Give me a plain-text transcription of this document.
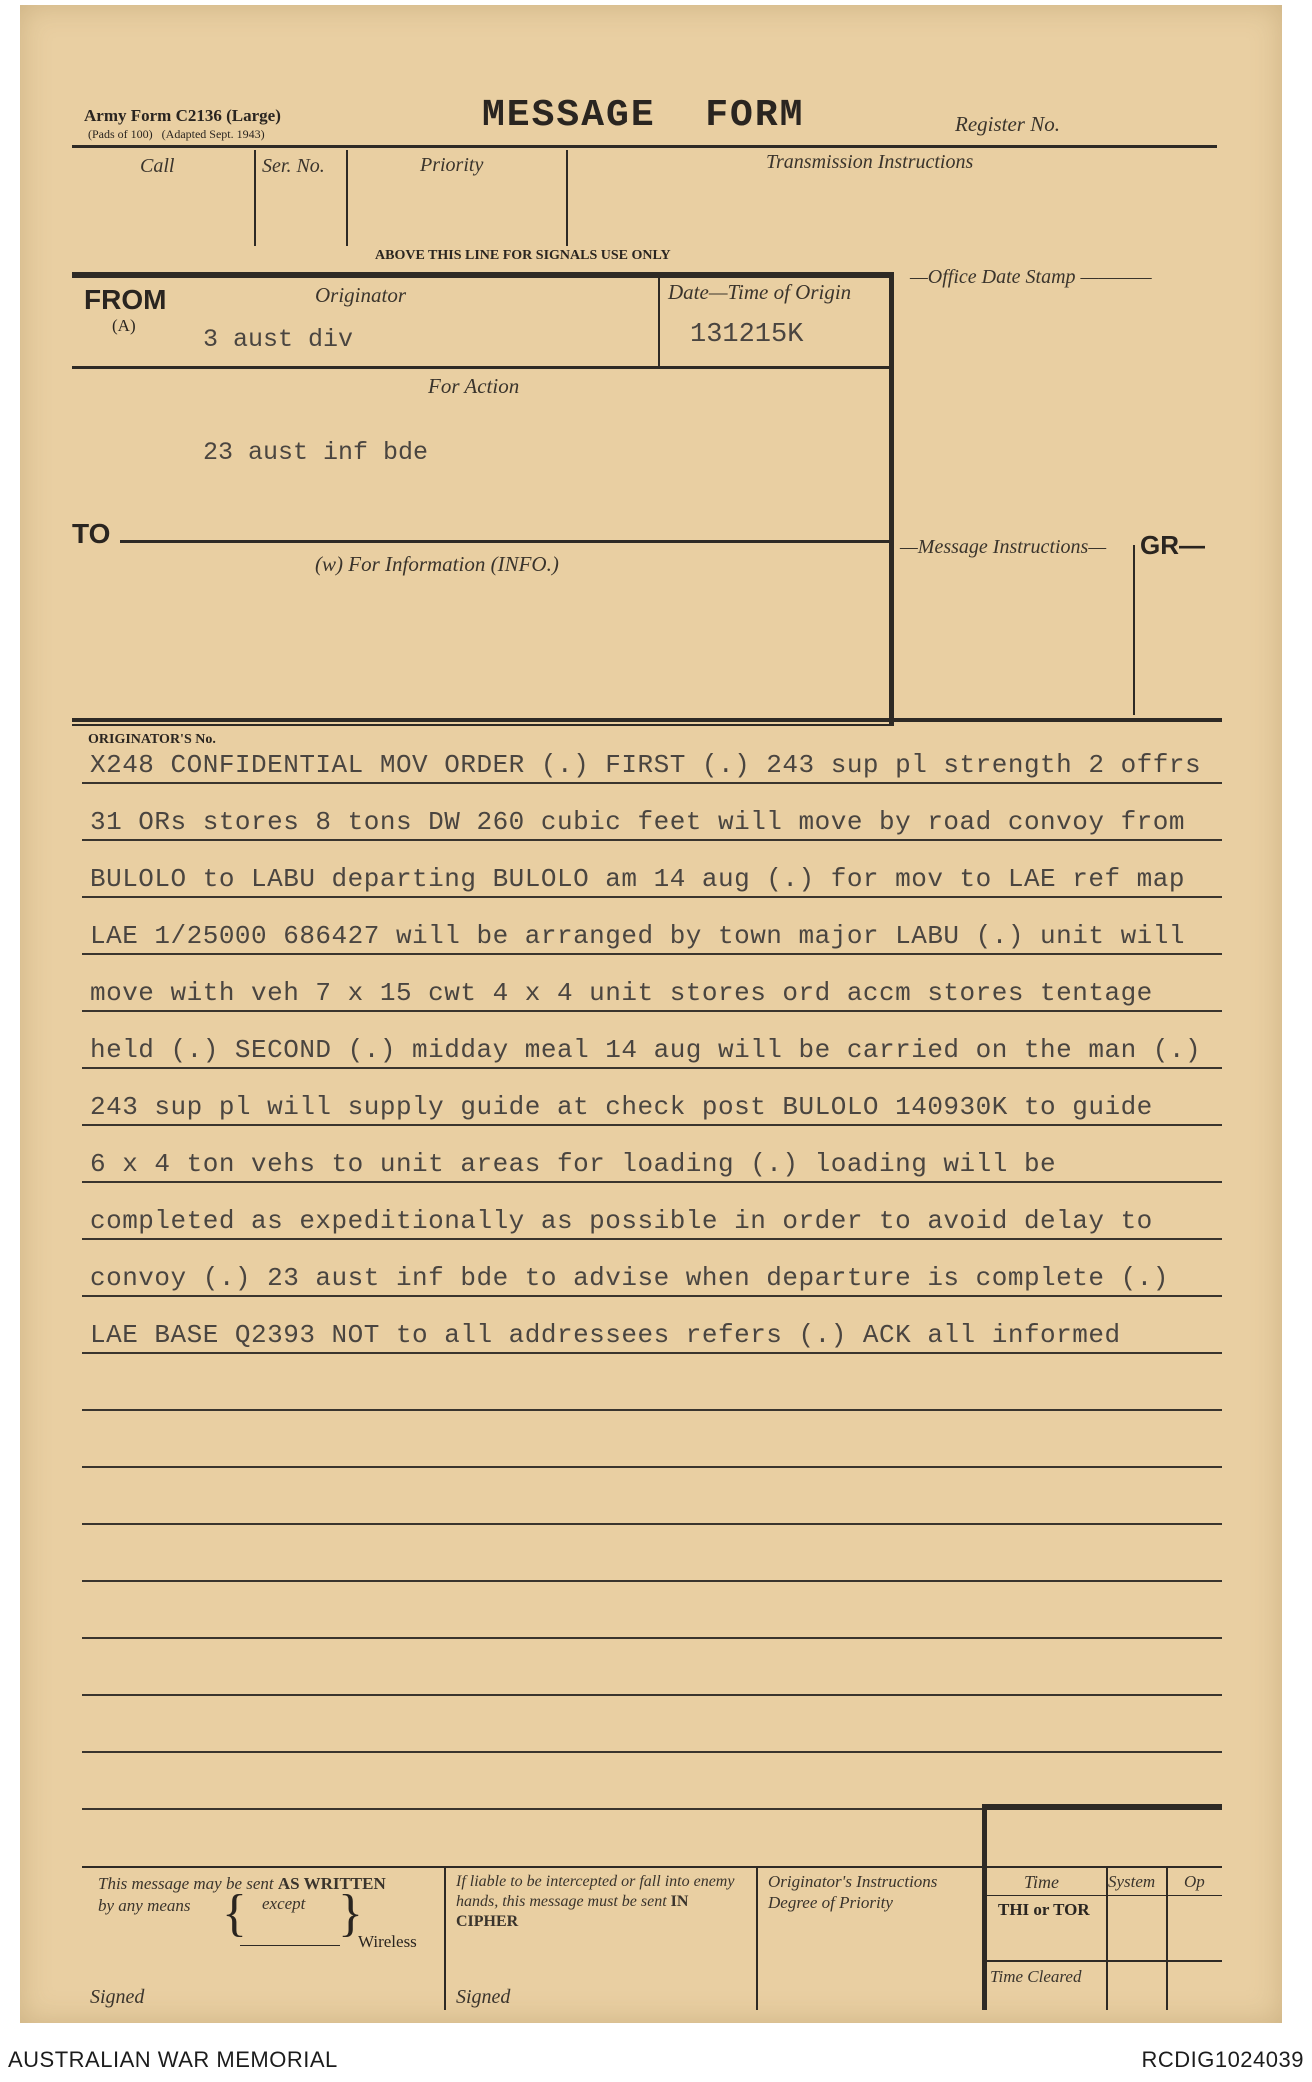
Army Form C2136 (Large)
(Pads of 100)   (Adapted Sept. 1943)	MESSAGE  FORM	Register No.
Call	Ser. No.	Priority	Transmission Instructions
ABOVE THIS LINE FOR SIGNALS USE ONLY
FROM
(A)
Originator
3 aust div
Date—Time of Origin
131215K
For Action
23 aust inf bde
TO
(w) For Information (INFO.)
—Office Date Stamp ————
—Message Instructions— GR—
ORIGINATOR'S No.
X248 CONFIDENTIAL MOV ORDER (.) FIRST (.) 243 sup pl strength 2 offrs
31 ORs stores 8 tons DW 260 cubic feet will move by road convoy from
BULOLO to LABU departing BULOLO am 14 aug (.) for mov to LAE ref map
LAE 1/25000 686427 will be arranged by town major LABU (.) unit will
move with veh 7 x 15 cwt 4 x 4 unit stores ord accm stores tentage
held (.) SECOND (.) midday meal 14 aug will be carried on the man (.)
243 sup pl will supply guide at check post BULOLO 140930K to guide
6 x 4 ton vehs to unit areas for loading (.) loading will be
completed as expeditionally as possible in order to avoid delay to
convoy (.) 23 aust inf bde to advise when departure is complete (.)
LAE BASE Q2393 NOT to all addressees refers (.) ACK all informed
This message may be sent AS WRITTEN
by any means { except }
Wireless
Signed
If liable to be intercepted or fall into enemy hands, this message must be sent IN CIPHER
Signed
Originator's Instructions
Degree of Priority
Time	System Op
THI or TOR
Time Cleared
AUSTRALIAN WAR MEMORIAL	RCDIG1024039
